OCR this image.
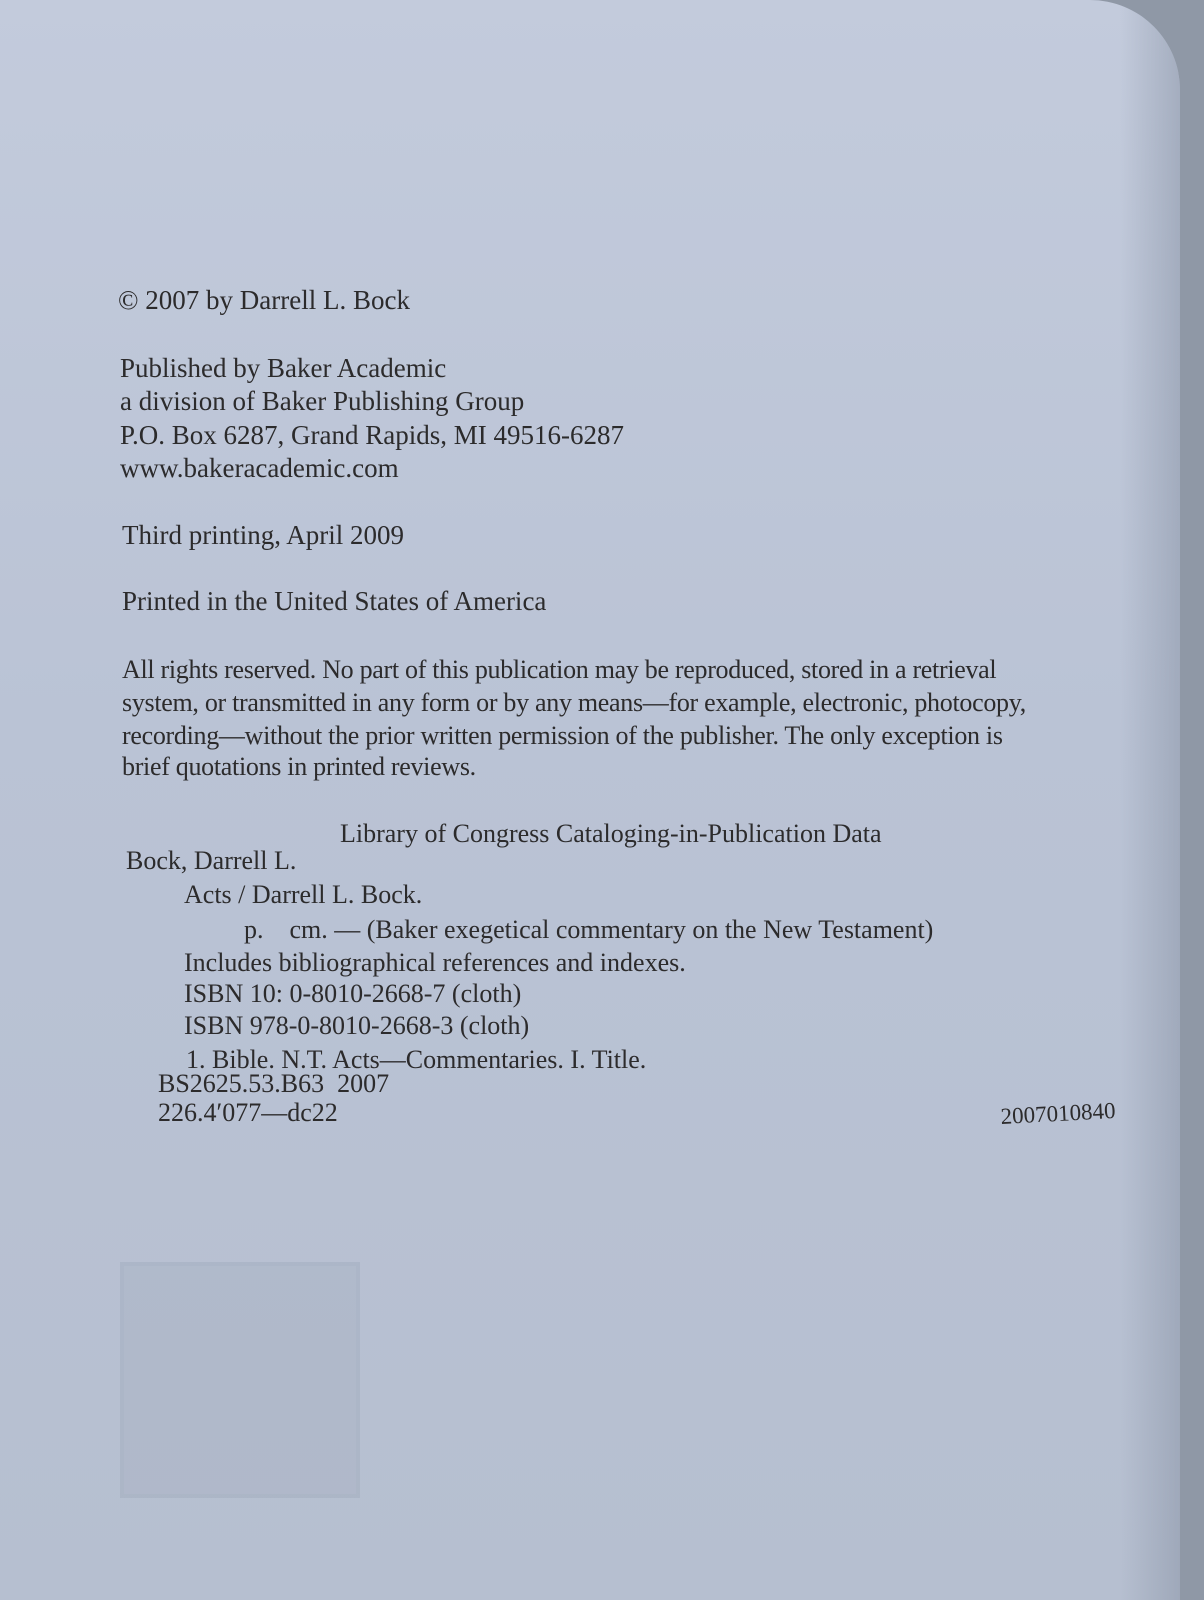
© 2007 by Darrell L. Bock
Published by Baker Academic
a division of Baker Publishing Group
P.O. Box 6287, Grand Rapids, MI 49516-6287
www.bakeracademic.com
Third printing, April 2009
Printed in the United States of America
All rights reserved. No part of this publication may be reproduced, stored in a retrieval
system, or transmitted in any form or by any means—for example, electronic, photocopy,
recording—without the prior written permission of the publisher. The only exception is
brief quotations in printed reviews.
Library of Congress Cataloging-in-Publication Data
Bock, Darrell L.
Acts / Darrell L. Bock.
p.    cm. — (Baker exegetical commentary on the New Testament)
Includes bibliographical references and indexes.
ISBN 10: 0-8010-2668-7 (cloth)
ISBN 978-0-8010-2668-3 (cloth)
1. Bible. N.T. Acts—Commentaries. I. Title.
BS2625.53.B63  2007
226.4′077—dc22	2007010840
